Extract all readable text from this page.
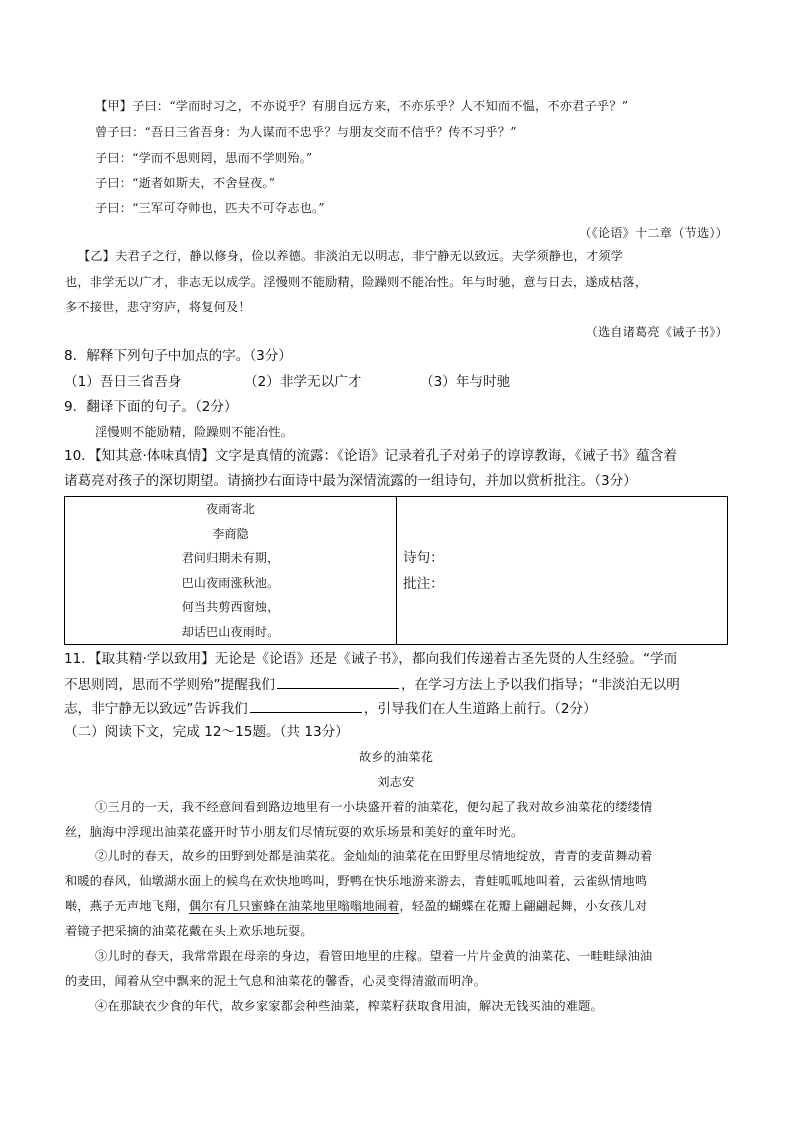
【甲】子曰：“学而时习之，不亦说乎？有朋自远方来，不亦乐乎？人不知而不愠，不亦君子乎？”
曾子曰：“吾日三省吾身：为人谋而不忠乎？与朋友交而不信乎？传不习乎？”
子曰：“学而不思则罔，思而不学则殆。”
子曰：“逝者如斯夫，不舍昼夜。”
子曰：“三军可夺帅也，匹夫不可夺志也。”
（《论语》十二章（节选））
【乙】夫君子之行，静以修身，俭以养德。非淡泊无以明志，非宁静无以致远。夫学须静也，才须学
也，非学无以广才，非志无以成学。淫慢则不能励精，险躁则不能冶性。年与时驰，意与日去，遂成枯落，
多不接世，悲守穷庐，将复何及！
（选自诸葛亮《诫子书》）
8．解释下列句子中加点的字。（3分）
（1）吾日三省吾身	（2）非学无以广才	（3）年与时驰
9．翻译下面的句子。（2分）
淫慢则不能励精，险躁则不能冶性。
10．【知其意·体味真情】文字是真情的流露：《论语》记录着孔子对弟子的谆谆教诲，《诫子书》蕴含着
诸葛亮对孩子的深切期望。请摘抄右面诗中最为深情流露的一组诗句，并加以赏析批注。（3分）
夜雨寄北
李商隐
君问归期未有期，
巴山夜雨涨秋池。
何当共剪西窗烛，
却话巴山夜雨时。

诗句：
批注：
11．【取其精·学以致用】无论是《论语》还是《诫子书》，都向我们传递着古圣先贤的人生经验。“学而
不思则罔，思而不学则殆”提醒我们	，在学习方法上予以我们指导；“非淡泊无以明
志，非宁静无以致远”告诉我们	，引导我们在人生道路上前行。（2分）
（二）阅读下文，完成 12～15题。（共 13分）
故乡的油菜花
刘志安
①三月的一天，我不经意间看到路边地里有一小块盛开着的油菜花，便勾起了我对故乡油菜花的缕缕情
丝，脑海中浮现出油菜花盛开时节小朋友们尽情玩耍的欢乐场景和美好的童年时光。
②儿时的春天，故乡的田野到处都是油菜花。金灿灿的油菜花在田野里尽情地绽放，青青的麦苗舞动着
和暖的春风，仙墩湖水面上的候鸟在欢快地鸣叫，野鸭在快乐地游来游去，青蛙呱呱地叫着，云雀纵情地鸣
啭，燕子无声地飞翔，偶尔有几只蜜蜂在油菜地里嗡嗡地闹着，轻盈的蝴蝶在花瓣上翩翩起舞，小女孩儿对
着镜子把采摘的油菜花戴在头上欢乐地玩耍。
③儿时的春天，我常常跟在母亲的身边，看管田地里的庄稼。望着一片片金黄的油菜花、一畦畦绿油油
的麦田，闻着从空中飘来的泥土气息和油菜花的馨香，心灵变得清澈而明净。
④在那缺衣少食的年代，故乡家家都会种些油菜，榨菜籽获取食用油，解决无钱买油的难题。
